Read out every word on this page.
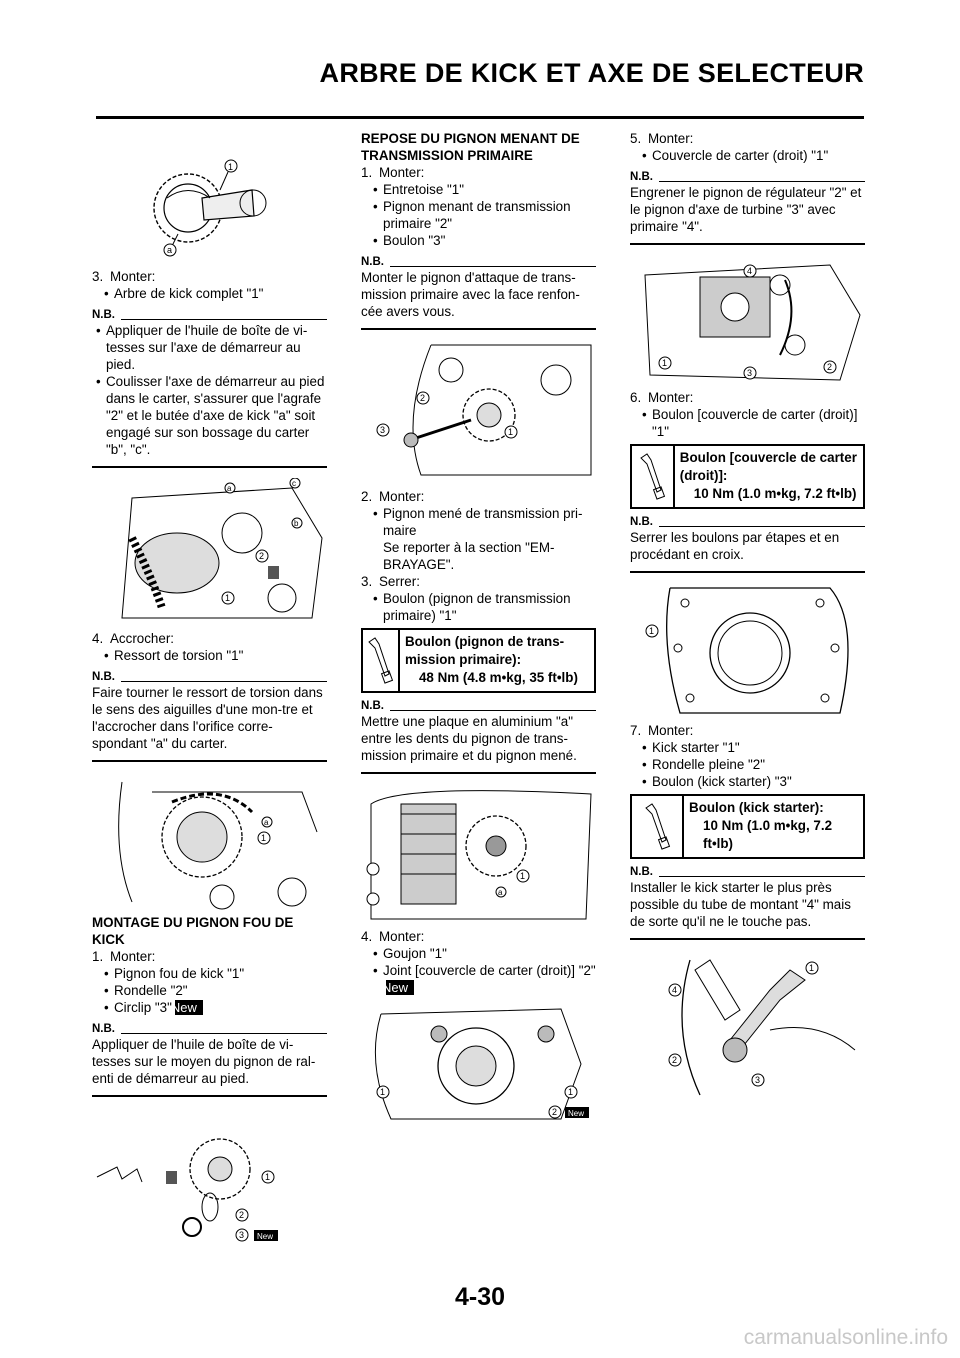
ARBRE DE KICK ET AXE DE SELECTEUR
1
a
3. Monter:
• Arbre de kick complet "1"
N.B.
• Appliquer de l'huile de boîte de vi-tesses sur l'axe de démarreur au pied.
• Coulisser l'axe de démarreur au pied dans le carter, s'assurer que l'agrafe "2" et le butée d'axe de kick "a" soit engagé sur son bossage du carter "b", "c".
a
b
c
2
1
4. Accrocher:
• Ressort de torsion "1"
N.B.
Faire tourner le ressort de torsion dans le sens des aiguilles d'une mon-tre et l'accrocher dans l'orifice corre-spondant "a" du carter.
a
1
MONTAGE DU PIGNON FOU DE KICK
1. Monter:
• Pignon fou de kick "1"
• Rondelle "2"
• Circlip "3"New
N.B.
Appliquer de l'huile de boîte de vi-tesses sur le moyen du pignon de ral-enti de démarreur au pied.
1
2
3 New
REPOSE DU PIGNON MENANT DE TRANSMISSION PRIMAIRE
1. Monter:
• Entretoise "1"
• Pignon menant de transmission primaire "2"
• Boulon "3"
N.B.
Monter le pignon d'attaque de trans-mission primaire avec la face renfon-cée avers vous.
2
3	1
2. Monter:
• Pignon mené de transmission pri-maire
Se reporter à la section "EM-BRAYAGE".
3. Serrer:
• Boulon (pignon de transmission primaire) "1"
Boulon (pignon de trans-mission primaire):
48 Nm (4.8 m•kg, 35 ft•lb)
N.B.
Mettre une plaque en aluminium "a" entre les dents du pignon de trans-mission primaire et du pignon mené.
1
a
4. Monter:
• Goujon "1"
• Joint [couvercle de carter (droit)] "2"New
1	1
2 New
5. Monter:
• Couvercle de carter (droit) "1"
N.B.
Engrener le pignon de régulateur "2" et le pignon d'axe de turbine "3" avec primaire "4".
4
1
3
2
6. Monter:
• Boulon [couvercle de carter (droit)] "1"
Boulon [couvercle de carter (droit)]:
10 Nm (1.0 m•kg, 7.2 ft•lb)
N.B.
Serrer les boulons par étapes et en procédant en croix.
1
7. Monter:
• Kick starter "1"
• Rondelle pleine "2"
• Boulon (kick starter) "3"
Boulon (kick starter):
10 Nm (1.0 m•kg, 7.2 ft•lb)
N.B.
Installer le kick starter le plus près possible du tube de montant "4" mais de sorte qu'il ne le touche pas.
4
1
2
3
4-30
carmanualsonline.info
